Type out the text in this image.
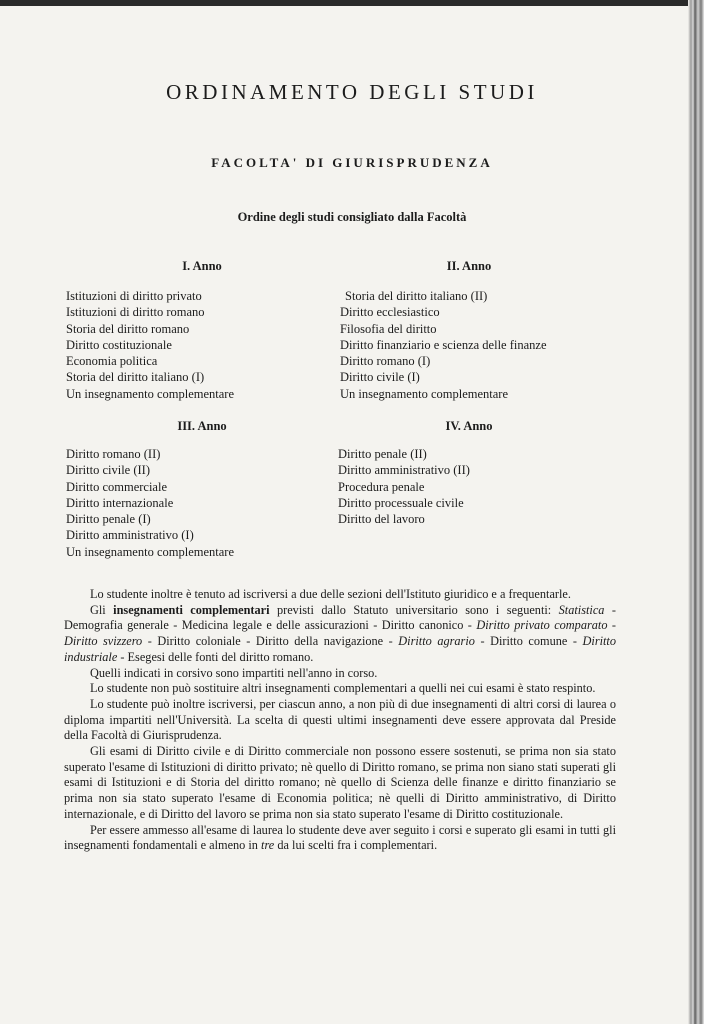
ORDINAMENTO DEGLI STUDI
FACOLTA' DI GIURISPRUDENZA
Ordine degli studi consigliato dalla Facoltà
I. Anno
Istituzioni di diritto privato
Istituzioni di diritto romano
Storia del diritto romano
Diritto costituzionale
Economia politica
Storia del diritto italiano (I)
Un insegnamento complementare
II. Anno
Storia del diritto italiano (II)
Diritto ecclesiastico
Filosofia del diritto
Diritto finanziario e scienza delle finanze
Diritto romano (I)
Diritto civile (I)
Un insegnamento complementare
III. Anno
Diritto romano (II)
Diritto civile (II)
Diritto commerciale
Diritto internazionale
Diritto penale (I)
Diritto amministrativo (I)
Un insegnamento complementare
IV. Anno
Diritto penale (II)
Diritto amministrativo (II)
Procedura penale
Diritto processuale civile
Diritto del lavoro

Lo studente inoltre è tenuto ad iscriversi a due delle sezioni dell'Istituto giuridico e a frequentarle.

Gli insegnamenti complementari previsti dallo Statuto universitario sono i seguenti: Statistica - Demografia generale - Medicina legale e delle assicurazioni - Diritto canonico - Diritto privato comparato - Diritto svizzero - Diritto coloniale - Diritto della navigazione - Diritto agrario - Diritto comune - Diritto industriale - Esegesi delle fonti del diritto romano.

Quelli indicati in corsivo sono impartiti nell'anno in corso.

Lo studente non può sostituire altri insegnamenti complementari a quelli nei cui esami è stato respinto.

Lo studente può inoltre iscriversi, per ciascun anno, a non più di due insegnamenti di altri corsi di laurea o diploma impartiti nell'Università. La scelta di questi ultimi insegnamenti deve essere approvata dal Preside della Facoltà di Giurisprudenza.

Gli esami di Diritto civile e di Diritto commerciale non possono essere sostenuti, se prima non sia stato superato l'esame di Istituzioni di diritto privato; nè quello di Diritto romano, se prima non siano stati superati gli esami di Istituzioni e di Storia del diritto romano; nè quello di Scienza delle finanze e diritto finanziario se prima non sia stato superato l'esame di Economia politica; nè quelli di Diritto amministrativo, di Diritto internazionale, e di Diritto del lavoro se prima non sia stato superato l'esame di Diritto costituzionale.

Per essere ammesso all'esame di laurea lo studente deve aver seguito i corsi e superato gli esami in tutti gli insegnamenti fondamentali e almeno in tre da lui scelti fra i complementari.
